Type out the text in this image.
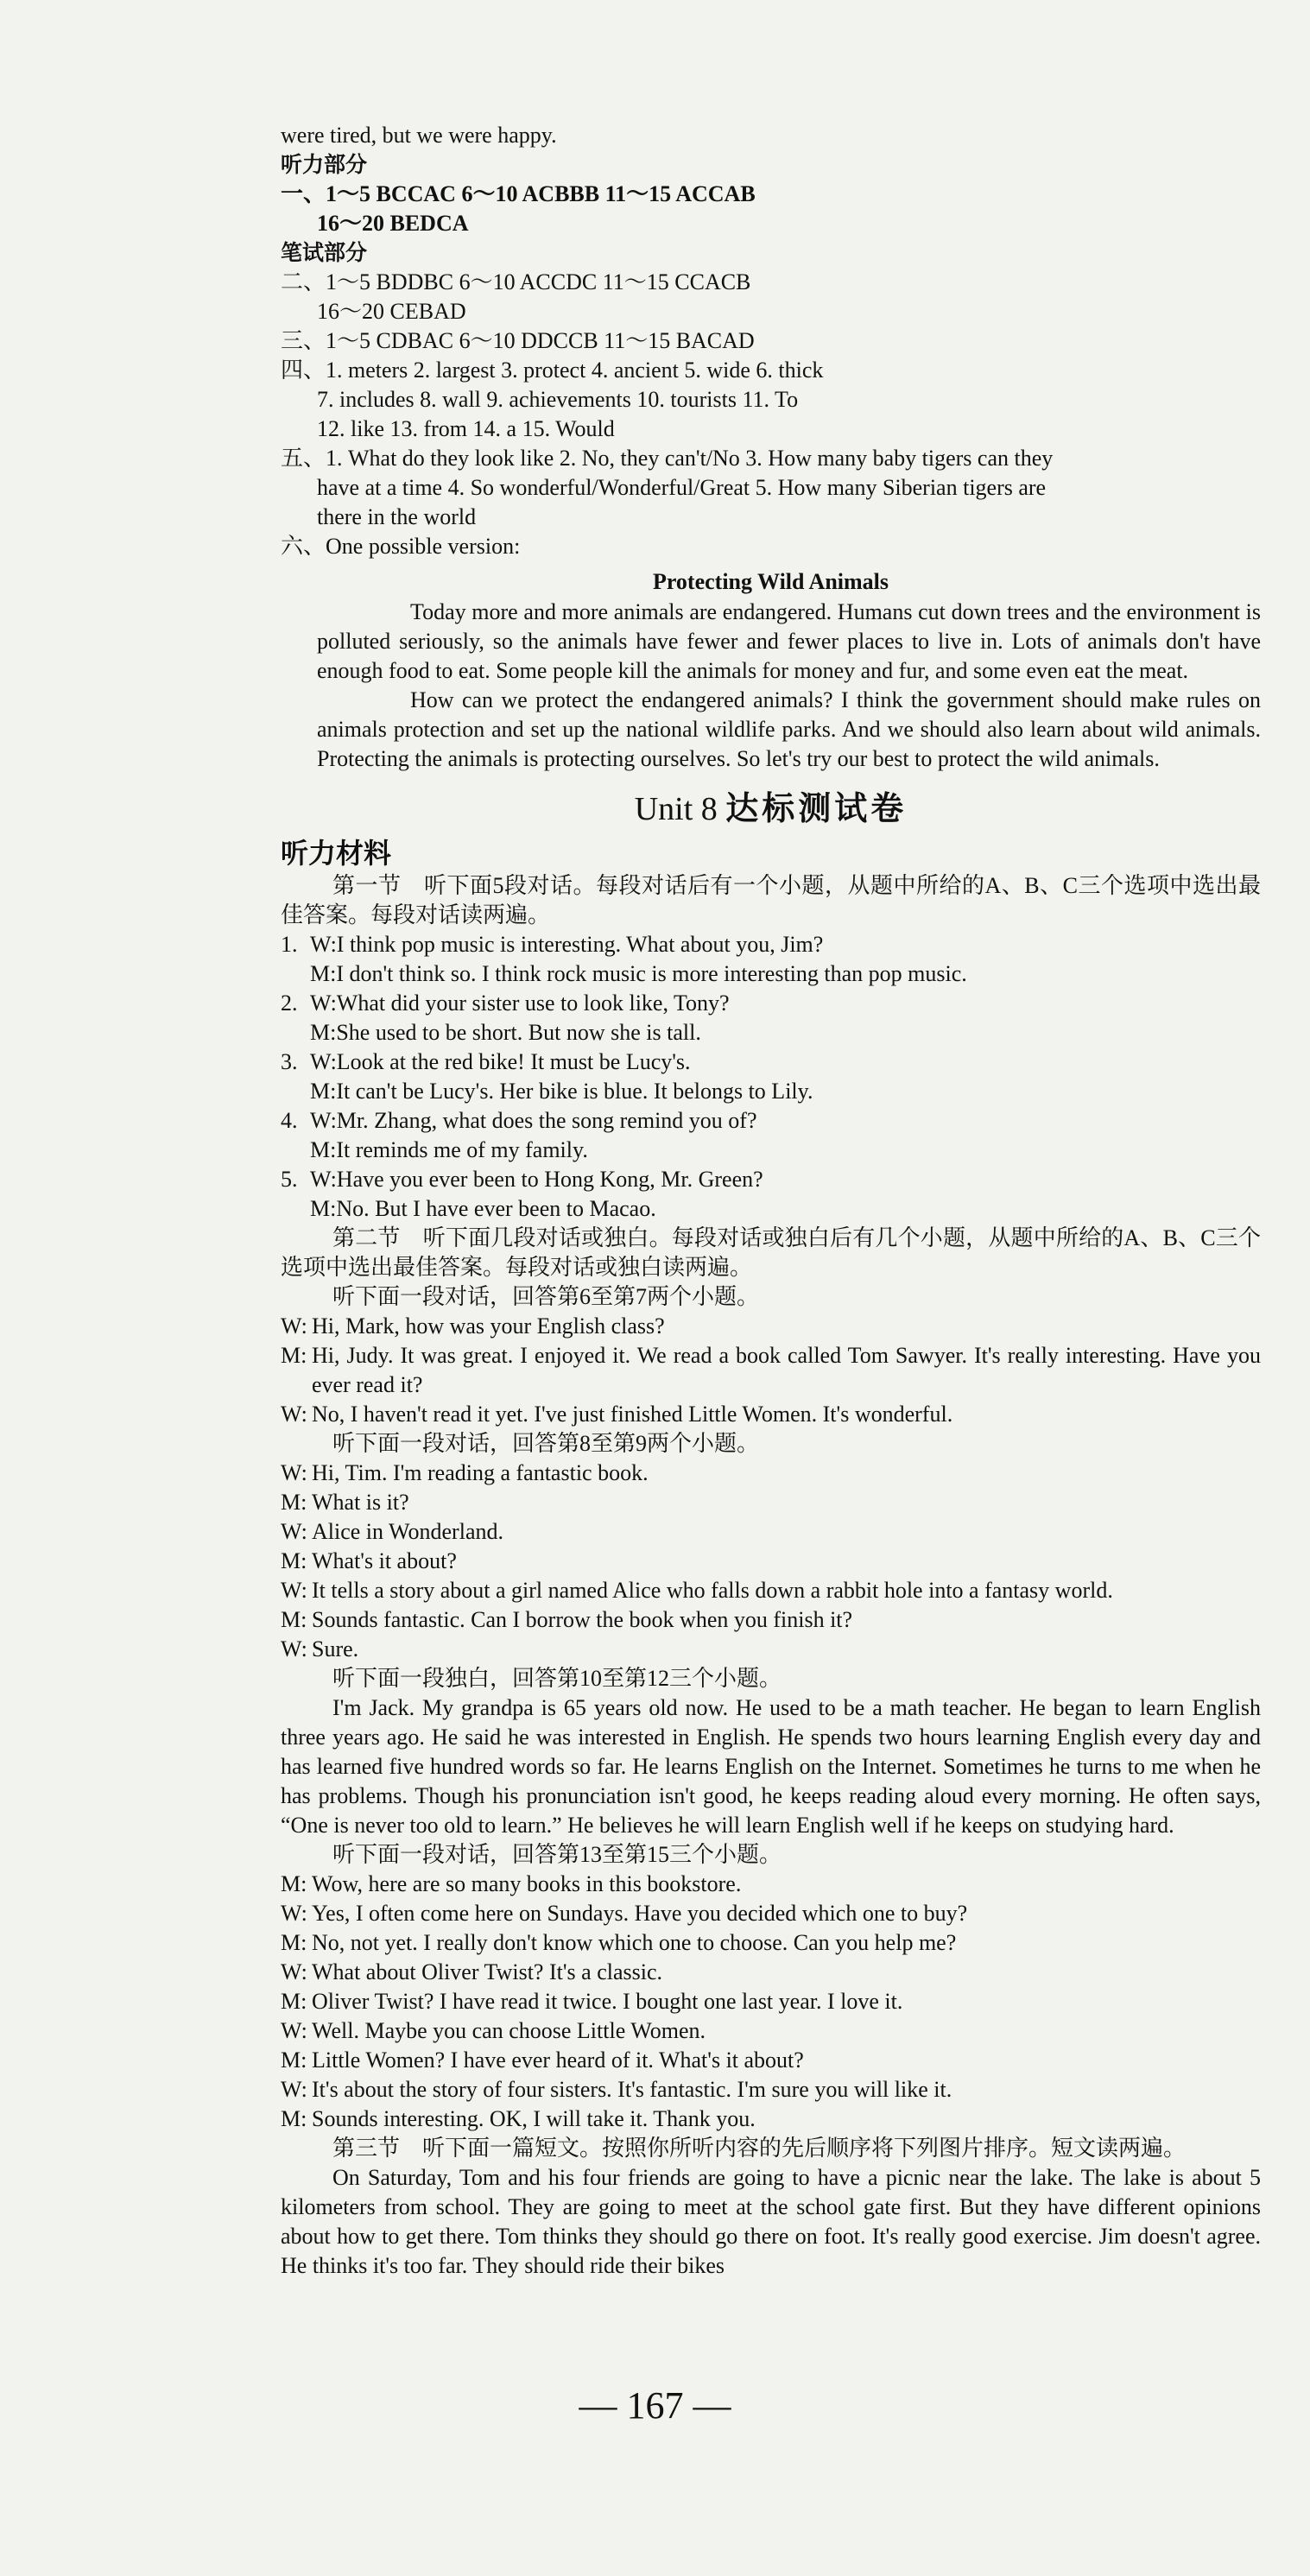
were tired, but we were happy.
听力部分
一、1～5 BCCAC 6～10 ACBBB 11～15 ACCAB
16～20 BEDCA
笔试部分
二、1～5 BDDBC 6～10 ACCDC 11～15 CCACB
16～20 CEBAD
三、1～5 CDBAC 6～10 DDCCB 11～15 BACAD
四、1. meters 2. largest 3. protect 4. ancient 5. wide 6. thick
7. includes 8. wall 9. achievements 10. tourists 11. To
12. like 13. from 14. a 15. Would
五、1. What do they look like 2. No, they can't/No 3. How many baby tigers can they
have at a time 4. So wonderful/Wonderful/Great 5. How many Siberian tigers are
there in the world
六、One possible version:
Protecting Wild Animals

Today more and more animals are endangered. Humans cut down trees and the environment is polluted seriously, so the animals have fewer and fewer places to live in. Lots of animals don't have enough food to eat. Some people kill the animals for money and fur, and some even eat the meat.

How can we protect the endangered animals? I think the government should make rules on animals protection and set up the national wildlife parks. And we should also learn about wild animals. Protecting the animals is protecting ourselves. So let's try our best to protect the wild animals.

Unit 8 达标测试卷
听力材料
第一节　听下面5段对话。每段对话后有一个小题，从题中所给的A、B、C三个选项中选出最佳答案。每段对话读两遍。
1. W:I think pop music is interesting. What about you, Jim?
M:I don't think so. I think rock music is more interesting than pop music.
2. W:What did your sister use to look like, Tony?
M:She used to be short. But now she is tall.
3. W:Look at the red bike! It must be Lucy's.
M:It can't be Lucy's. Her bike is blue. It belongs to Lily.
4. W:Mr. Zhang, what does the song remind you of?
M:It reminds me of my family.
5. W:Have you ever been to Hong Kong, Mr. Green?
M:No. But I have ever been to Macao.
第二节　听下面几段对话或独白。每段对话或独白后有几个小题，从题中所给的A、B、C三个选项中选出最佳答案。每段对话或独白读两遍。
听下面一段对话，回答第6至第7两个小题。
W: Hi, Mark, how was your English class?
M: Hi, Judy. It was great. I enjoyed it. We read a book called Tom Sawyer. It's really interesting. Have you ever read it?
W: No, I haven't read it yet. I've just finished Little Women. It's wonderful.
听下面一段对话，回答第8至第9两个小题。
W: Hi, Tim. I'm reading a fantastic book.
M: What is it?
W: Alice in Wonderland.
M: What's it about?
W: It tells a story about a girl named Alice who falls down a rabbit hole into a fantasy world.
M: Sounds fantastic. Can I borrow the book when you finish it?
W: Sure.
听下面一段独白，回答第10至第12三个小题。
I'm Jack. My grandpa is 65 years old now. He used to be a math teacher. He began to learn English three years ago. He said he was interested in English. He spends two hours learning English every day and has learned five hundred words so far. He learns English on the Internet. Sometimes he turns to me when he has problems. Though his pronunciation isn't good, he keeps reading aloud every morning. He often says, “One is never too old to learn.” He believes he will learn English well if he keeps on studying hard.
听下面一段对话，回答第13至第15三个小题。
M: Wow, here are so many books in this bookstore.
W: Yes, I often come here on Sundays. Have you decided which one to buy?
M: No, not yet. I really don't know which one to choose. Can you help me?
W: What about Oliver Twist? It's a classic.
M: Oliver Twist? I have read it twice. I bought one last year. I love it.
W: Well. Maybe you can choose Little Women.
M: Little Women? I have ever heard of it. What's it about?
W: It's about the story of four sisters. It's fantastic. I'm sure you will like it.
M: Sounds interesting. OK, I will take it. Thank you.
第三节　听下面一篇短文。按照你所听内容的先后顺序将下列图片排序。短文读两遍。
On Saturday, Tom and his four friends are going to have a picnic near the lake. The lake is about 5 kilometers from school. They are going to meet at the school gate first. But they have different opinions about how to get there. Tom thinks they should go there on foot. It's really good exercise. Jim doesn't agree. He thinks it's too far. They should ride their bikes
— 167 —
